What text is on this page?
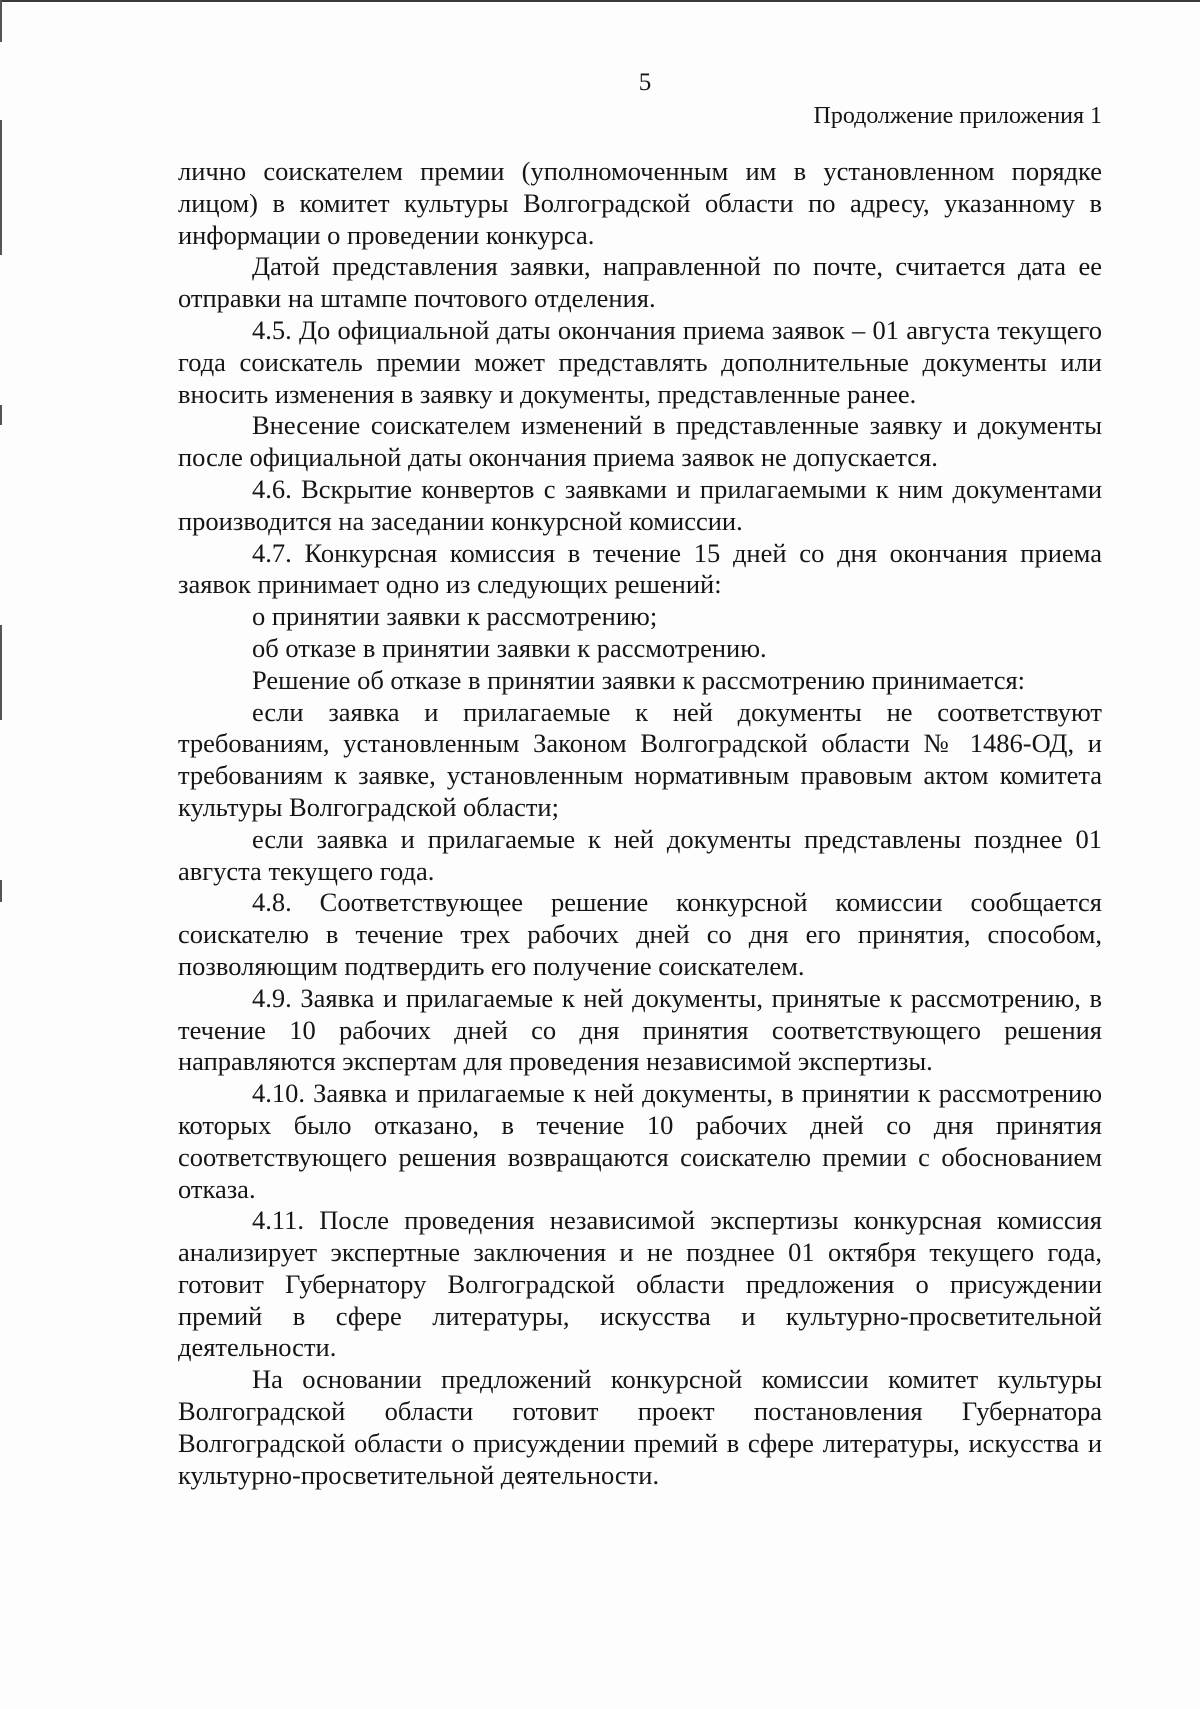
5
Продолжение приложения 1

лично соискателем премии (уполномоченным им в установленном порядке лицом) в комитет культуры Волгоградской области по адресу, указанному в информации о проведении конкурса.

Датой представления заявки, направленной по почте, считается дата ее отправки на штампе почтового отделения.

4.5. До официальной даты окончания приема заявок – 01 августа текущего года соискатель премии может представлять дополнительные документы или вносить изменения в заявку и документы, представленные ранее.

Внесение соискателем изменений в представленные заявку и документы после официальной даты окончания приема заявок не допускается.

4.6. Вскрытие конвертов с заявками и прилагаемыми к ним документами производится на заседании конкурсной комиссии.

4.7. Конкурсная комиссия в течение 15 дней со дня окончания приема заявок принимает одно из следующих решений:

о принятии заявки к рассмотрению;

об отказе в принятии заявки к рассмотрению.

Решение об отказе в принятии заявки к рассмотрению принимается:

если заявка и прилагаемые к ней документы не соответствуют требованиям, установленным Законом Волгоградской области № 1486-ОД, и требованиям к заявке, установленным нормативным правовым актом комитета культуры Волгоградской области;

если заявка и прилагаемые к ней документы представлены позднее 01 августа текущего года.

4.8. Соответствующее решение конкурсной комиссии сообщается соискателю в течение трех рабочих дней со дня его принятия, способом, позволяющим подтвердить его получение соискателем.

4.9. Заявка и прилагаемые к ней документы, принятые к рассмотрению, в течение 10 рабочих дней со дня принятия соответствующего решения направляются экспертам для проведения независимой экспертизы.

4.10. Заявка и прилагаемые к ней документы, в принятии к рассмотрению которых было отказано, в течение 10 рабочих дней со дня принятия соответствующего решения возвращаются соискателю премии с обоснованием отказа.

4.11. После проведения независимой экспертизы конкурсная комиссия анализирует экспертные заключения и не позднее 01 октября текущего года, готовит Губернатору Волгоградской области предложения о присуждении премий в сфере литературы, искусства и культурно-просветительной деятельности.

На основании предложений конкурсной комиссии комитет культуры Волгоградской области готовит проект постановления Губернатора Волгоградской области о присуждении премий в сфере литературы, искусства и культурно-просветительной деятельности.
